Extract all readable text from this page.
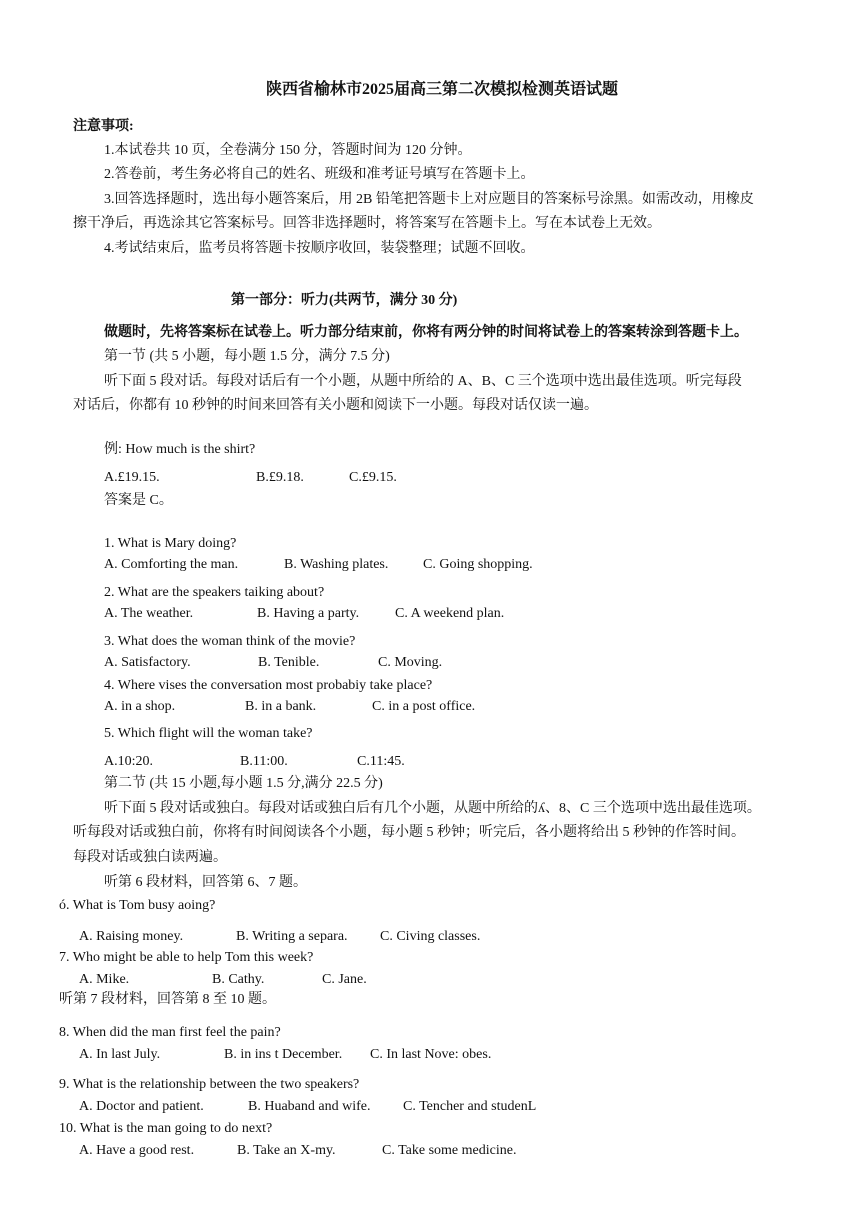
陕西省榆林市2025届高三第二次模拟检测英语试题
注意事项:
1.本试卷共 10 页，全卷满分 150 分，答题时间为 120 分钟。
2.答卷前，考生务必将自己的姓名、班级和准考证号填写在答题卡上。
3.回答选择题时，选出每小题答案后，用 2B 铅笔把答题卡上对应题目的答案标号涂黑。如需改动，用橡皮
擦干净后，再选涂其它答案标号。回答非选择题时，将答案写在答题卡上。写在本试卷上无效。
4.考试结束后，监考员将答题卡按顺序收回，装袋整理；试题不回收。
第一部分：听力(共两节，满分 30 分)
做题时，先将答案标在试卷上。听力部分结束前，你将有两分钟的时间将试卷上的答案转涂到答题卡上。
第一节 (共 5 小题，每小题 1.5 分，满分 7.5 分)
听下面 5 段对话。每段对话后有一个小题，从题中所给的 A、B、C 三个选项中选出最佳选项。听完每段
对话后，你都有 10 秒钟的时间来回答有关小题和阅读下一小题。每段对话仅读一遍。
例: How much is the shirt?
A.£19.15.	B.£9.18.	C.£9.15.
答案是 C。
1. What is Mary doing?
A. Comforting the man.	B. Washing plates. C. Going shopping.
2. What are the speakers taiking about?
A. The weather.	B. Having a party.	C. A weekend plan.
3. What does the woman think of the movie?
A. Satisfactory.	B. Tenible.	C. Moving.
4. Where vises the conversation most probabiy take place?
A. in a shop.	B. in a bank.	C. in a post office.
5. Which flight will the woman take?
A.10:20.	B.11:00.	C.11:45.
第二节 (共 15 小题,每小题 1.5 分,满分 22.5 分)
听下面 5 段对话或独白。每段对话或独白后有几个小题，从题中所给的ʎ、8、C 三个选项中选出最佳选项。
听每段对话或独白前，你将有时间阅读各个小题，每小题 5 秒钟；听完后，各小题将给出 5 秒钟的作答时间。
每段对话或独白读两遍。
听第 6 段材料，回答第 6、7 题。
ó. What is Tom busy aoing?
A. Raising money.	B. Writing a separa. C. Civing classes.
7. Who might be able to help Tom this week?
A. Mike.	B. Cathy.	C. Jane.
听第 7 段材料，回答第 8 至 10 题。
8. When did the man first feel the pain?
A. In last July.	B. in ins t December. C. In last Nove: obes.
9. What is the relationship between the two speakers?
A. Doctor and patient.	B. Huaband and wife. C. Tencher and studenL
10. What is the man going to do next?
A. Have a good rest.	B. Take an X-my.	C. Take some medicine.
